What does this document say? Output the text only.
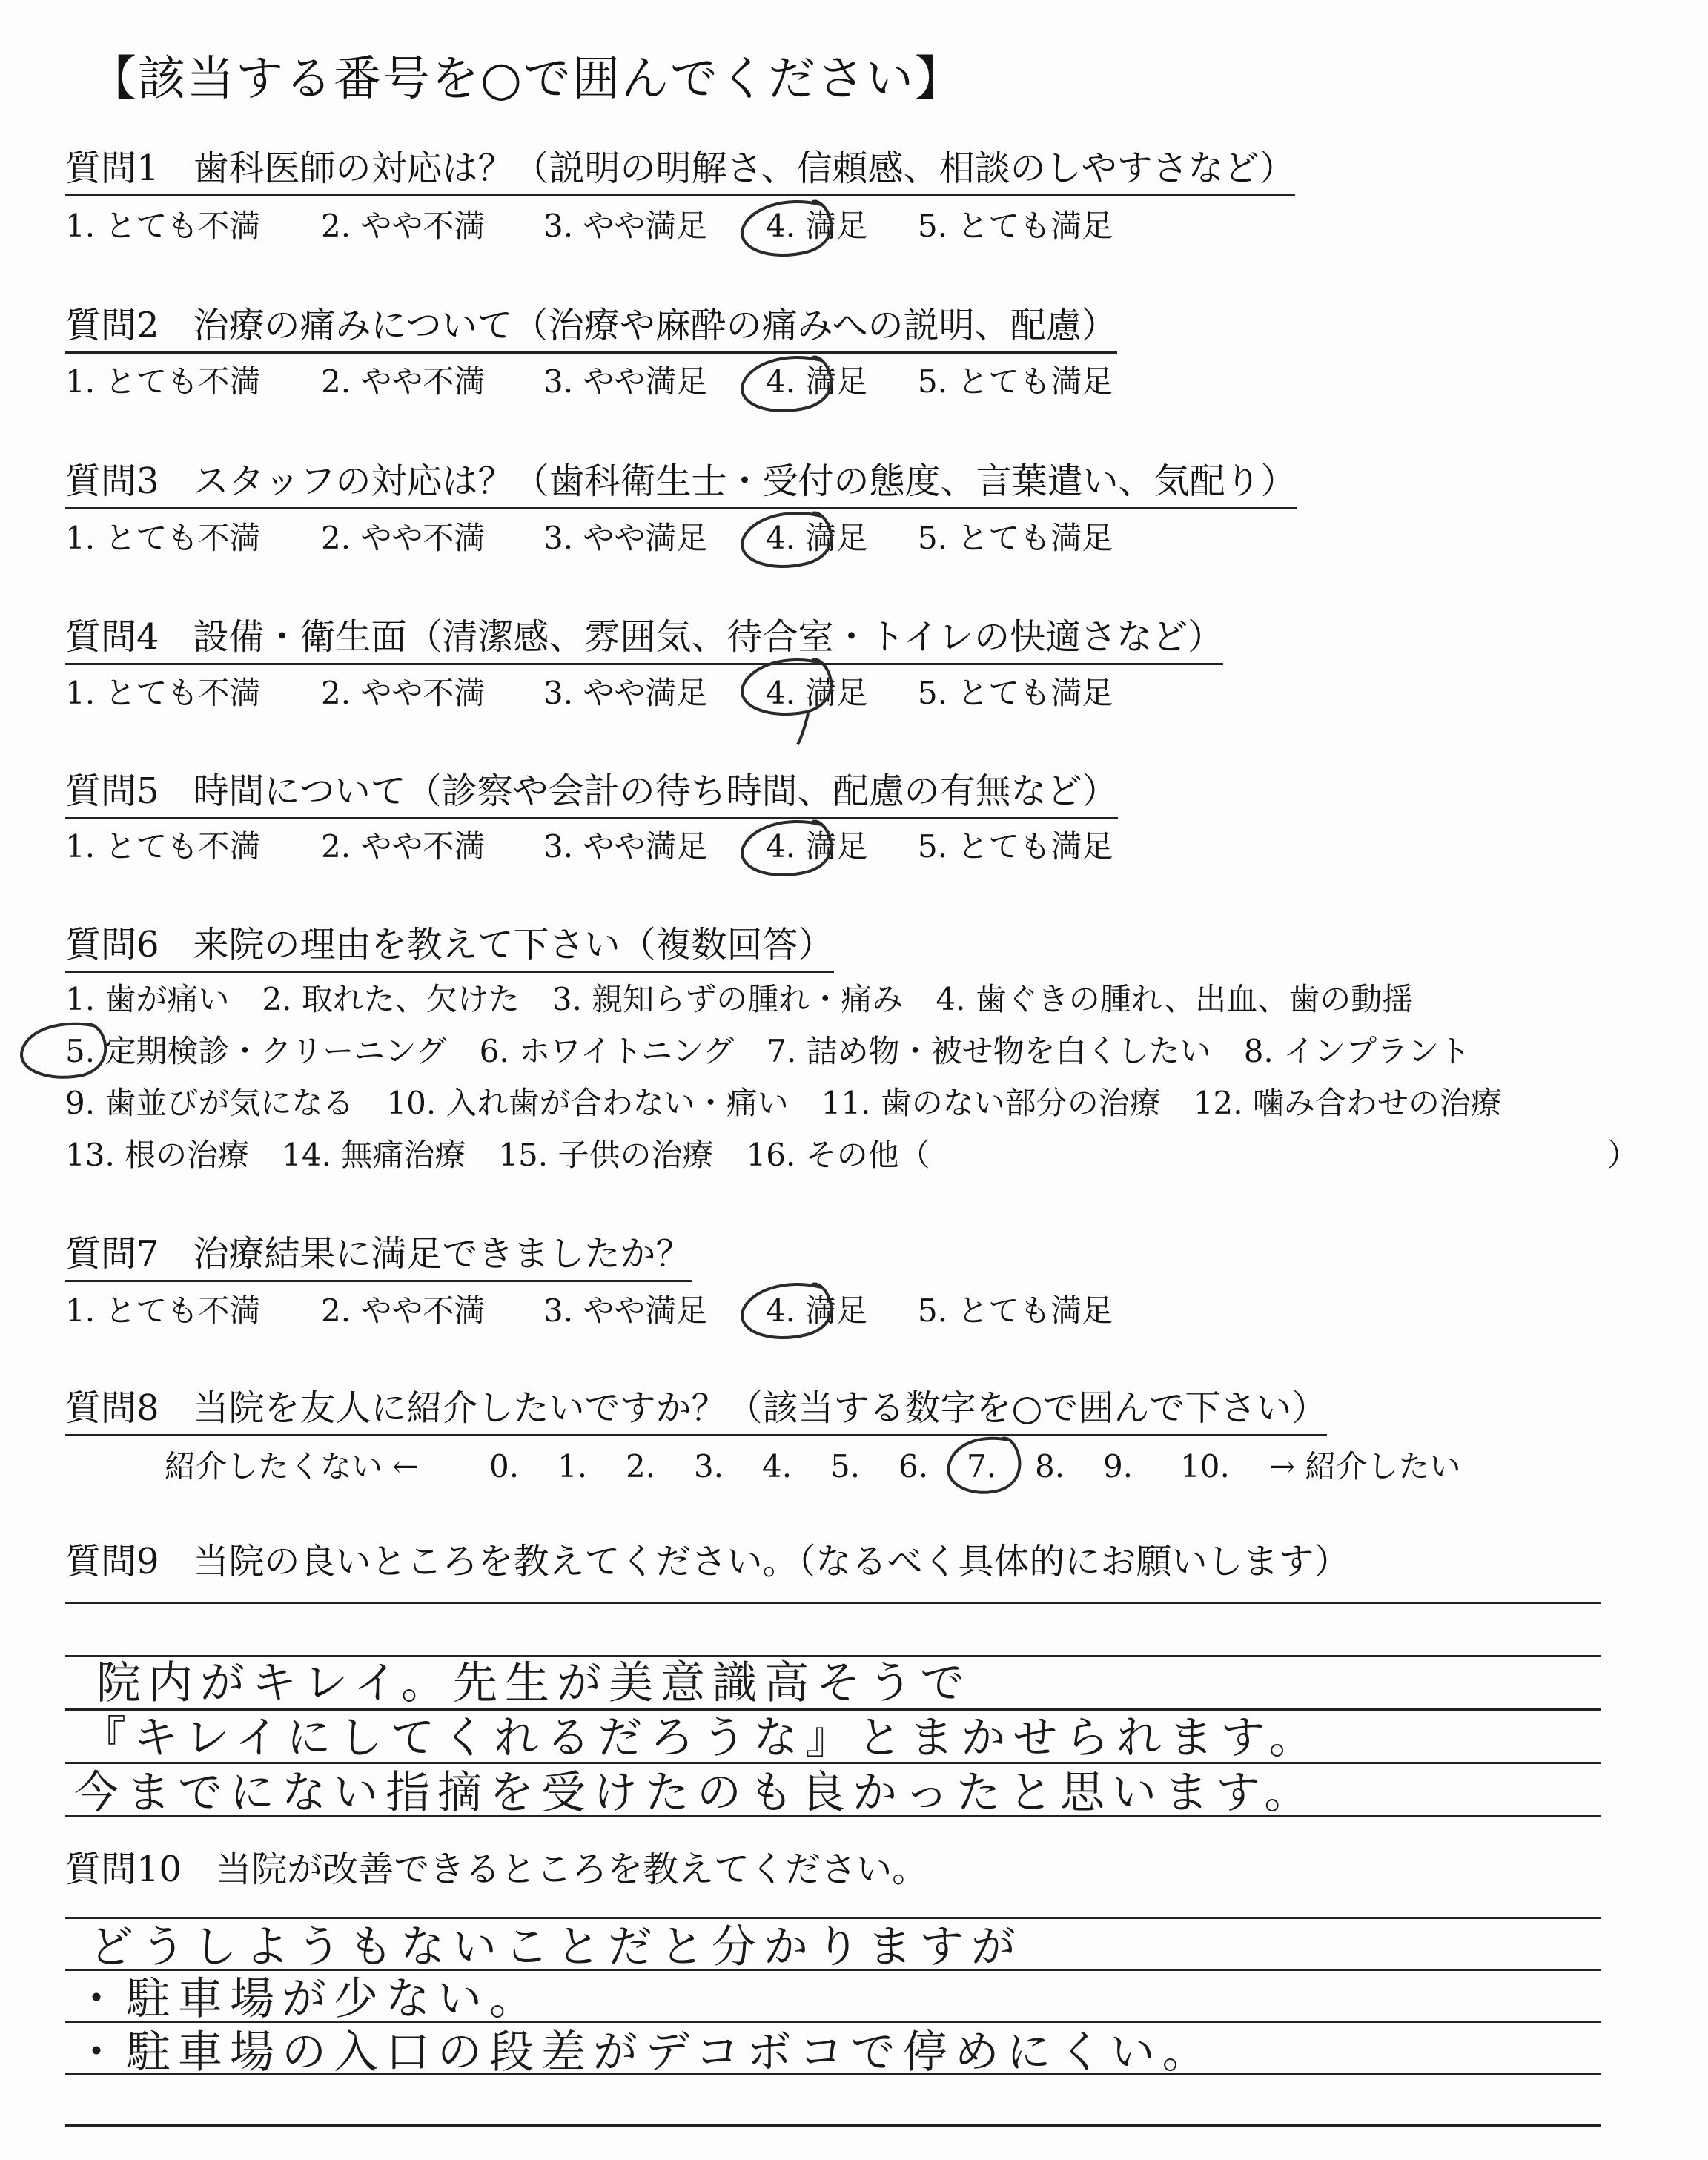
【該当する番号を○で囲んでください】
質問1 歯科医師の対応は？（説明の明解さ、信頼感、相談のしやすさなど）
1. とても不満 2. やや不満 3. やや満足 4. 満足 5. とても満足
質問2 治療の痛みについて（治療や麻酔の痛みへの説明、配慮）
1. とても不満 2. やや不満 3. やや満足 4. 満足 5. とても満足
質問3 スタッフの対応は？（歯科衛生士・受付の態度、言葉遣い、気配り）
1. とても不満 2. やや不満 3. やや満足 4. 満足 5. とても満足
質問4 設備・衛生面（清潔感、雰囲気、待合室・トイレの快適さなど）
1. とても不満 2. やや不満 3. やや満足 4. 満足 5. とても満足
質問5 時間について（診察や会計の待ち時間、配慮の有無など）
1. とても不満 2. やや不満 3. やや満足 4. 満足 5. とても満足
質問6 来院の理由を教えて下さい（複数回答）
1. 歯が痛い 2. 取れた、欠けた 3. 親知らずの腫れ・痛み 4. 歯ぐきの腫れ、出血、歯の動揺
5. 定期検診・クリーニング 6. ホワイトニング 7. 詰め物・被せ物を白くしたい 8. インプラント
9. 歯並びが気になる 10. 入れ歯が合わない・痛い 11. 歯のない部分の治療 12. 噛み合わせの治療
13. 根の治療 14. 無痛治療 15. 子供の治療 16. その他（	）
質問7 治療結果に満足できましたか？
1. とても不満 2. やや不満 3. やや満足 4. 満足 5. とても満足
質問8 当院を友人に紹介したいですか？（該当する数字を○で囲んで下さい）
紹介したくない ← 0. 1. 2. 3. 4. 5. 6. 7. 8. 9. 10. → 紹介したい
質問9 当院の良いところを教えてください。（なるべく具体的にお願いします）
院内がキレイ。先生が美意識高そうで
『キレイにしてくれるだろうな』とまかせられます。
今までにない指摘を受けたのも良かったと思います。
質問10 当院が改善できるところを教えてください。
どうしようもないことだと分かりますが
・駐車場が少ない。
・駐車場の入口の段差がデコボコで停めにくい。
